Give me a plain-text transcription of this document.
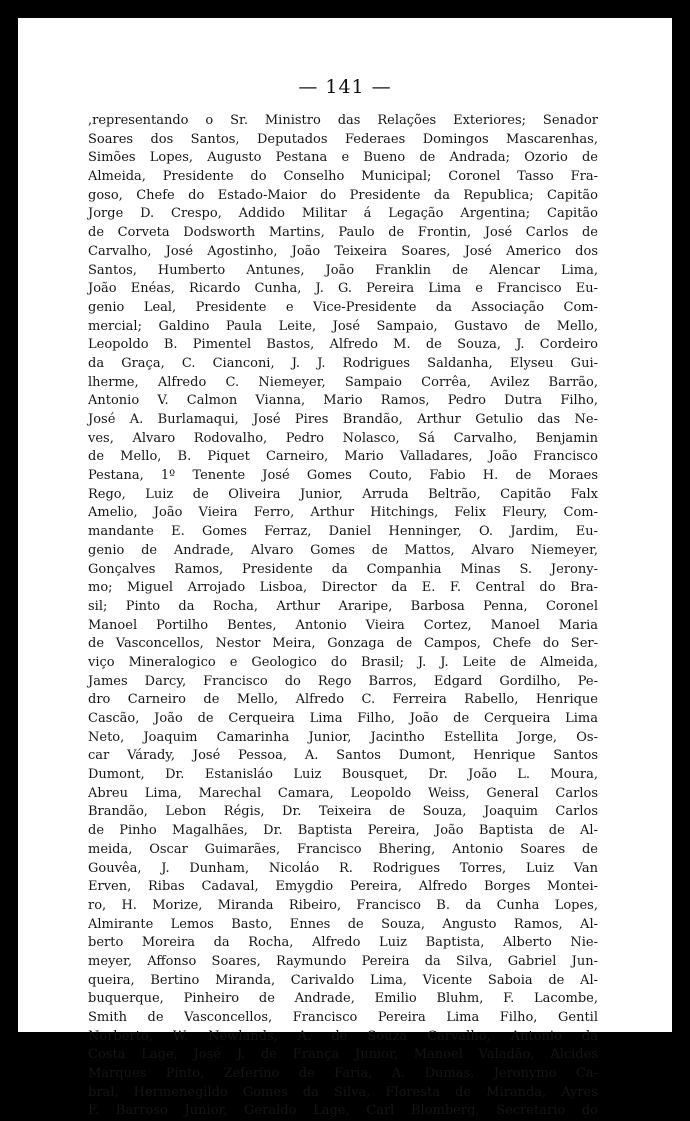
— 141 —
,representando o Sr. Ministro das Relações Exteriores; Senador
Soares dos Santos, Deputados Federaes Domingos Mascarenhas,
Simões Lopes, Augusto Pestana e Bueno de Andrada; Ozorio de
Almeida, Presidente do Conselho Municipal; Coronel Tasso Fra-
goso, Chefe do Estado-Maior do Presidente da Republica; Capitão
Jorge D. Crespo, Addido Militar á Legação Argentina; Capitão
de Corveta Dodsworth Martins, Paulo de Frontin, José Carlos de
Carvalho, José Agostinho, João Teixeira Soares, José Americo dos
Santos, Humberto Antunes, João Franklin de Alencar Lima,
João Enéas, Ricardo Cunha, J. G. Pereira Lima e Francisco Eu-
genio Leal, Presidente e Vice-Presidente da Associação Com-
mercial; Galdino Paula Leite, José Sampaio, Gustavo de Mello,
Leopoldo B. Pimentel Bastos, Alfredo M. de Souza, J. Cordeiro
da Graça, C. Cianconi, J. J. Rodrigues Saldanha, Elyseu Gui-
lherme, Alfredo C. Niemeyer, Sampaio Corrêa, Avilez Barrão,
Antonio V. Calmon Vianna, Mario Ramos, Pedro Dutra Filho,
José A. Burlamaqui, José Pires Brandão, Arthur Getulio das Ne-
ves, Alvaro Rodovalho, Pedro Nolasco, Sá Carvalho, Benjamin
de Mello, B. Piquet Carneiro, Mario Valladares, João Francisco
Pestana, 1º Tenente José Gomes Couto, Fabio H. de Moraes
Rego, Luiz de Oliveira Junior, Arruda Beltrão, Capitão Falx
Amelio, João Vieira Ferro, Arthur Hitchings, Felix Fleury, Com-
mandante E. Gomes Ferraz, Daniel Henninger, O. Jardim, Eu-
genio de Andrade, Alvaro Gomes de Mattos, Alvaro Niemeyer,
Gonçalves Ramos, Presidente da Companhia Minas S. Jerony-
mo; Miguel Arrojado Lisboa, Director da E. F. Central do Bra-
sil; Pinto da Rocha, Arthur Araripe, Barbosa Penna, Coronel
Manoel Portilho Bentes, Antonio Vieira Cortez, Manoel Maria
de Vasconcellos, Nestor Meira, Gonzaga de Campos, Chefe do Ser-
viço Mineralogico e Geologico do Brasil; J. J. Leite de Almeida,
James Darcy, Francisco do Rego Barros, Edgard Gordilho, Pe-
dro Carneiro de Mello, Alfredo C. Ferreira Rabello, Henrique
Cascão, João de Cerqueira Lima Filho, João de Cerqueira Lima
Neto, Joaquim Camarinha Junior, Jacintho Estellita Jorge, Os-
car Várady, José Pessoa, A. Santos Dumont, Henrique Santos
Dumont, Dr. Estanisláo Luiz Bousquet, Dr. João L. Moura,
Abreu Lima, Marechal Camara, Leopoldo Weiss, General Carlos
Brandão, Lebon Régis, Dr. Teixeira de Souza, Joaquim Carlos
de Pinho Magalhães, Dr. Baptista Pereira, João Baptista de Al-
meida, Oscar Guimarães, Francisco Bhering, Antonio Soares de
Gouvêa, J. Dunham, Nicoláo R. Rodrigues Torres, Luiz Van
Erven, Ribas Cadaval, Emygdio Pereira, Alfredo Borges Montei-
ro, H. Morize, Miranda Ribeiro, Francisco B. da Cunha Lopes,
Almirante Lemos Basto, Ennes de Souza, Angusto Ramos, Al-
berto Moreira da Rocha, Alfredo Luiz Baptista, Alberto Nie-
meyer, Affonso Soares, Raymundo Pereira da Silva, Gabriel Jun-
queira, Bertino Miranda, Carivaldo Lima, Vicente Saboia de Al-
buquerque, Pinheiro de Andrade, Emilio Bluhm, F. Lacombe,
Smith de Vasconcellos, Francisco Pereira Lima Filho, Gentil
Norberto, W. Newlands, A. de Souza Carvalho, Antonio da
Costa Lage, José J. de França Junior, Manoel Valadão, Alcides
Marques Pinto, Zeferino de Faria, A. Dumas, Jeronymo Ca-
bral, Hermenegildo Gomes da Silva, Floresta de Miranda, Ayres
F. Barroso Junior, Geraldo Lage, Carl Blomberg, Secretario do
